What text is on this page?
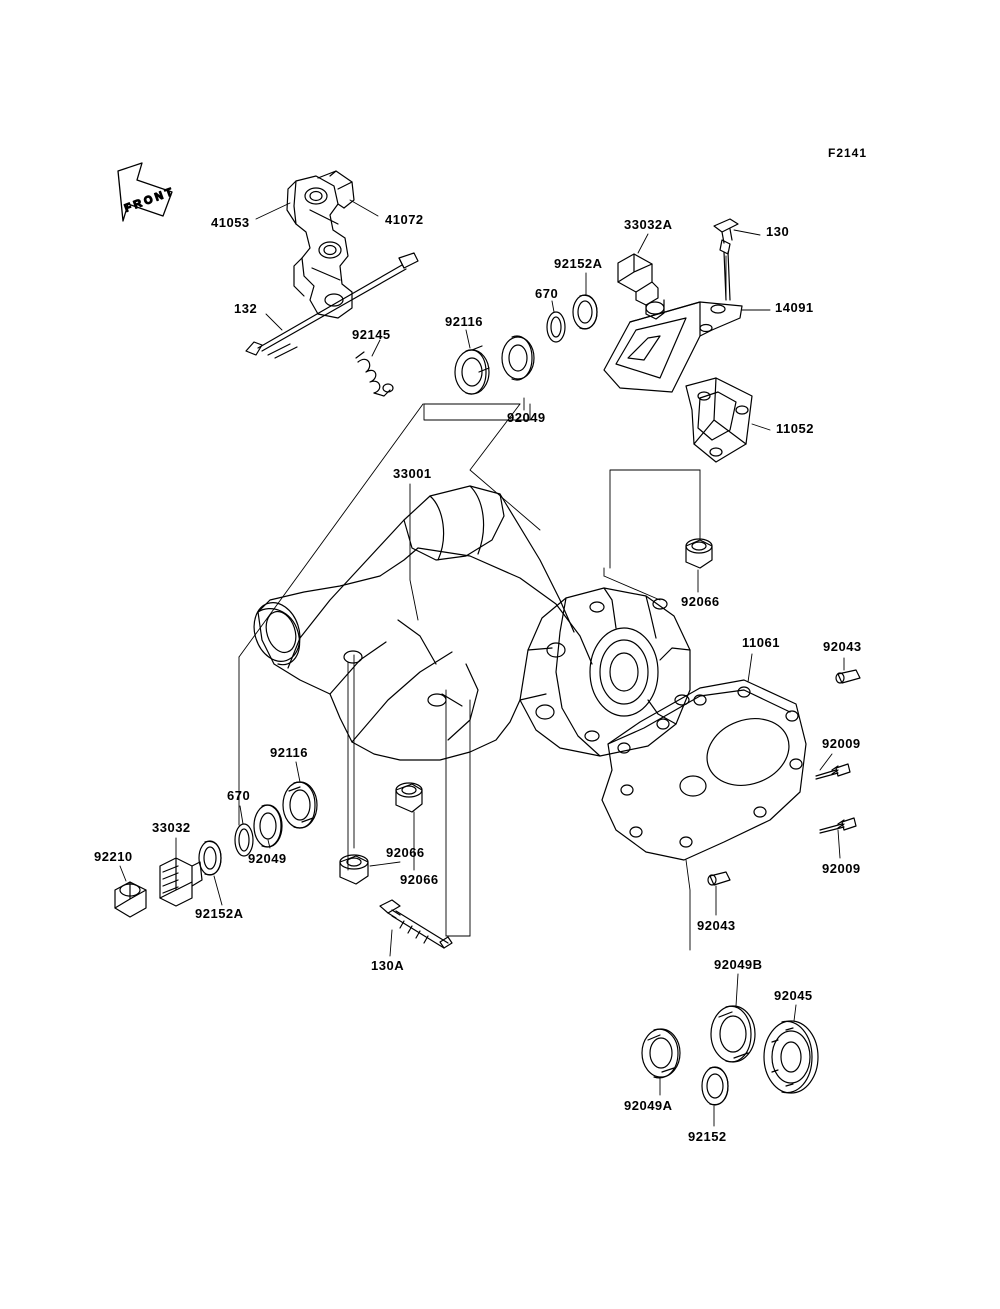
F2141
F R O N T
41053	41072
132
92145
92116
670
92152A
33032A	130
14091
92049
11052
33001
92066
11061	92043
92009
92116
670
33032
92049	92066
92066
92210
92152A
92009
92043
130A	92049B
92045
92049A
92152
